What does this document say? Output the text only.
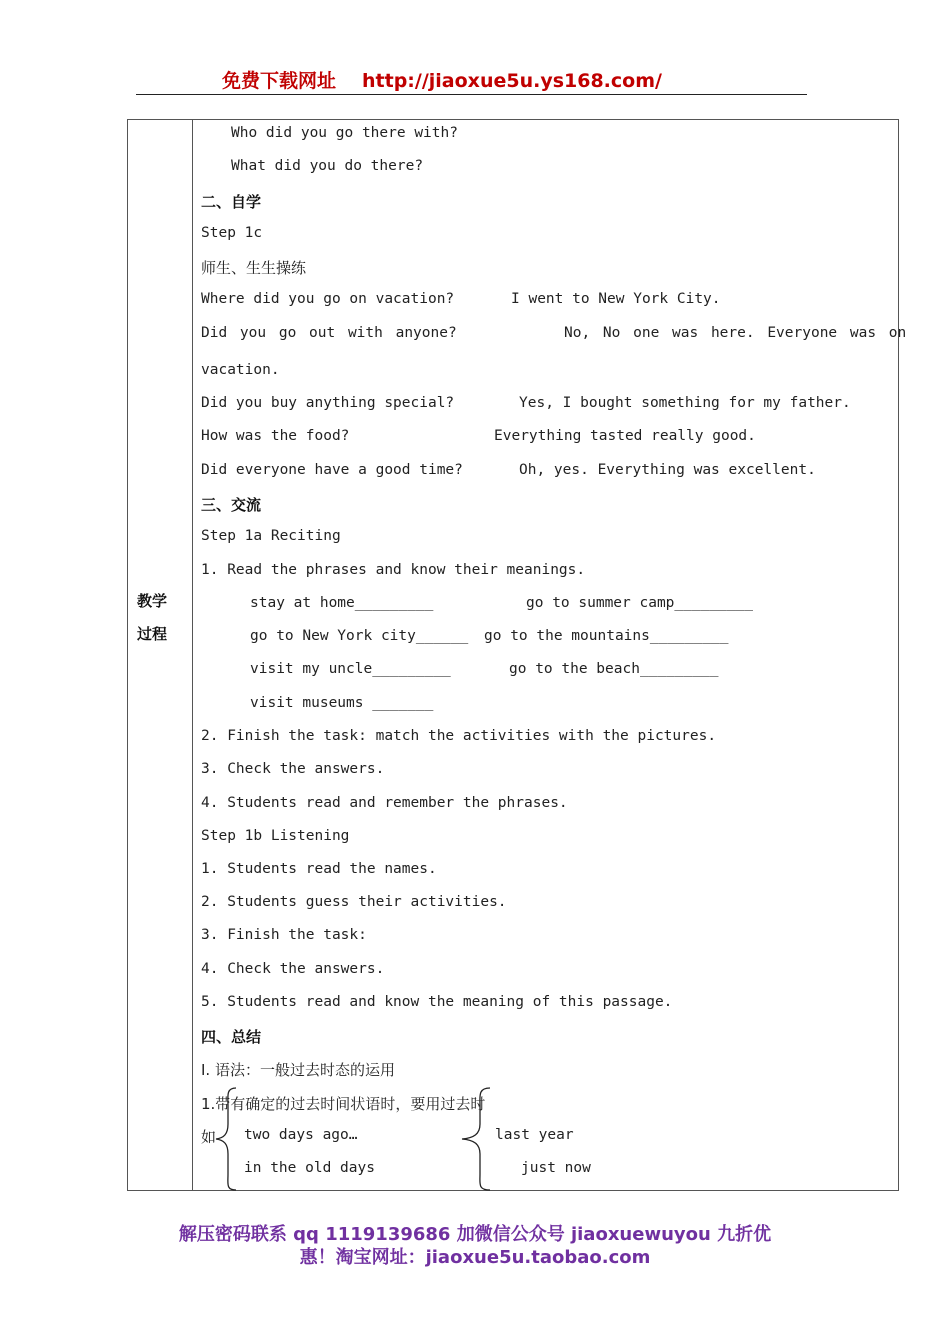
免费下载网址 http://jiaoxue5u.ys168.com/
教学
过程
Who did you go there with?
What did you do there?
二、自学
Step 1c
师生、生生操练
Where did you go on vacation?	I went to New York City.
Did you go out with anyone?	No, No one was here. Everyone was on
vacation.
Did you buy anything special?	Yes, I bought something for my father.
How was the food?	Everything tasted really good.
Did everyone have a good time?	Oh, yes. Everything was excellent.
三、交流
Step 1a Reciting
1. Read the phrases and know their meanings.
stay at home_________	go to summer camp_________
go to New York city______ go to the mountains_________
visit my uncle_________	go to the beach_________
visit museums _______
2. Finish the task: match the activities with the pictures.
3. Check the answers.
4. Students read and remember the phrases.
Step 1b Listening
1. Students read the names.
2. Students guess their activities.
3. Finish the task:
4. Check the answers.
5. Students read and know the meaning of this passage.
四、总结
I. 语法：一般过去时态的运用
1.带有确定的过去时间状语时，要用过去时
如 two days ago…
in the old days
last year
just now
解压密码联系 qq 1119139686 加微信公众号 jiaoxuewuyou 九折优
惠！淘宝网址：jiaoxue5u.taobao.com
